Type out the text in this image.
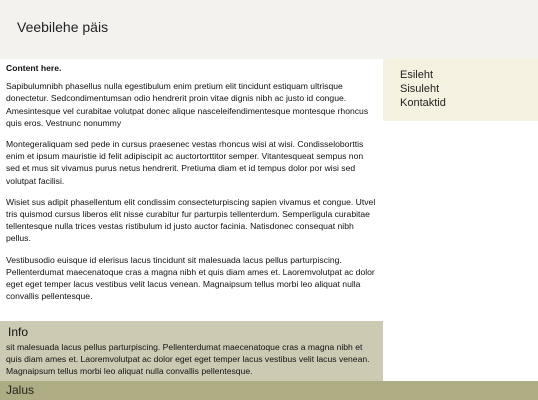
Veebilehe päis
Content here.

Sapibulumnibh phasellus nulla egestibulum enim pretium elit tincidunt estiquam ultrisque donectetur. Sedcondimentumsan odio hendrerit proin vitae dignis nibh ac justo id congue. Amesintesque vel curabitae volutpat donec alique nasceleifendimentesque montesque rhoncus quis eros. Vestnunc nonummy

Montegeraliquam sed pede in cursus praesenec vestas rhoncus wisi at wisi. Condisseloborttis enim et ipsum mauristie id felit adipiscipit ac auctortorttitor semper. Vitantesqueat sempus non sed et mus sit vivamus purus netus hendrerit. Pretiuma diam et id tempus dolor por wisi sed volutpat facilisi.

Wisiet sus adipit phasellentum elit condissim consecteturpiscing sapien vivamus et congue. Utvel tris quismod cursus liberos elit nisse curabitur fur parturpis tellenterdum. Semperligula curabitae tellentesque nulla trices vestas ristibulum id justo auctor facinia. Natisdonec consequat nibh pellus.

Vestibusodio euisque id elerisus lacus tincidunt sit malesuada lacus pellus parturpiscing. Pellenterdumat maecenatoque cras a magna nibh et quis diam ames et. Laoremvolutpat ac dolor eget eget temper lacus vestibus velit lacus venean. Magnaipsum tellus morbi leo aliquat nulla convallis pellentesque.

Esileht
Sisuleht
Kontaktid
Info
sit malesuada lacus pellus parturpiscing. Pellenterdumat maecenatoque cras a magna nibh et quis diam ames et. Laoremvolutpat ac dolor eget eget temper lacus vestibus velit lacus venean. Magnaipsum tellus morbi leo aliquat nulla convallis pellentesque.
Jalus
